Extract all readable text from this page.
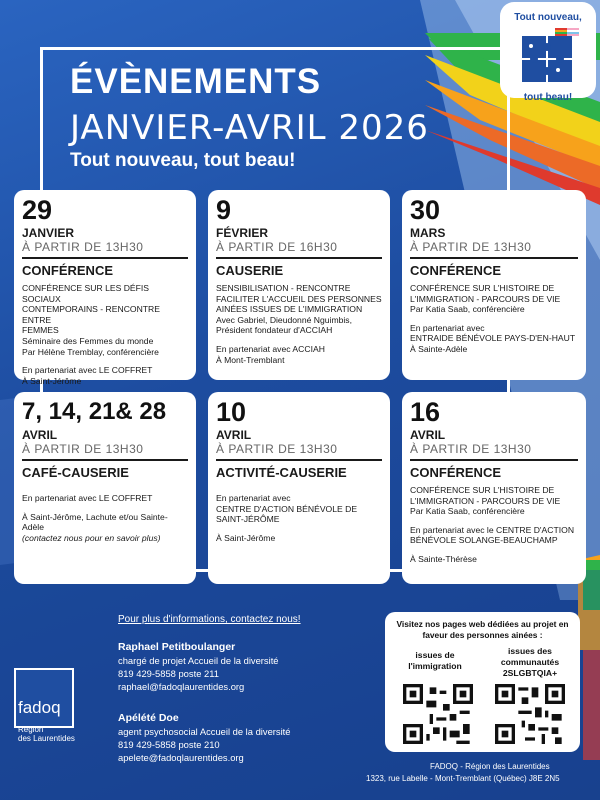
ÉVÈNEMENTS
JANVIER-AVRIL 2026
Tout nouveau, tout beau!
Tout nouveau,
tout beau!
29
JANVIER
À PARTIR DE 13H30
CONFÉRENCE
CONFÉRENCE SUR LES DÉFIS SOCIAUX
CONTEMPORAINS - RENCONTRE ENTRE
FEMMES
Séminaire des Femmes du monde
Par Hélène Tremblay, conférencière
En partenariat avec LE COFFRET
À Saint-Jérôme
9
FÉVRIER
À PARTIR DE 16H30
CAUSERIE
SENSIBILISATION - RENCONTRE
FACILITER L'ACCUEIL DES PERSONNES
AINÉES ISSUES DE L'IMMIGRATION
Avec Gabriel, Dieudonné Nguimbis,
Président fondateur d'ACCIAH
En partenariat avec ACCIAH
À Mont-Tremblant
30
MARS
À PARTIR DE 13H30
CONFÉRENCE
CONFÉRENCE SUR L'HISTOIRE DE
L'IMMIGRATION - PARCOURS DE VIE
Par Katia Saab, conférencière
En partenariat avec
ENTRAIDE BÉNÉVOLE PAYS-D'EN-HAUT
À Sainte-Adèle
7, 14, 21& 28
AVRIL
À PARTIR DE 13H30
CAFÉ-CAUSERIE
En partenariat avec LE COFFRET
À Saint-Jérôme, Lachute et/ou Sainte-
Adèle
(contactez nous pour en savoir plus)
10
AVRIL
À PARTIR DE 13H30
ACTIVITÉ-CAUSERIE
En partenariat avec
CENTRE D'ACTION BÉNÉVOLE DE
SAINT-JÉRÔME
À Saint-Jérôme
16
AVRIL
À PARTIR DE 13H30
CONFÉRENCE
CONFÉRENCE SUR L'HISTOIRE DE
L'IMMIGRATION - PARCOURS DE VIE
Par Katia Saab, conférencière
En partenariat avec le CENTRE D'ACTION
BÉNÉVOLE SOLANGE-BEAUCHAMP
À Sainte-Thérèse
fadoq
Région
des Laurentides
Pour plus d'informations, contactez nous!
Raphael Petitboulanger
chargé de projet Accueil de la diversité
819 429-5858 poste 211
raphael@fadoqlaurentides.org
Apélété Doe
agent psychosocial Accueil de la diversité
819 429-5858 poste 210
apelete@fadoqlaurentides.org
Visitez nos pages web dédiées au projet en faveur des personnes ainées :
issues de l'immigration
issues des communautés 2SLGBTQIA+
FADOQ - Région des Laurentides
1323, rue Labelle - Mont-Tremblant (Québec) J8E 2N5
